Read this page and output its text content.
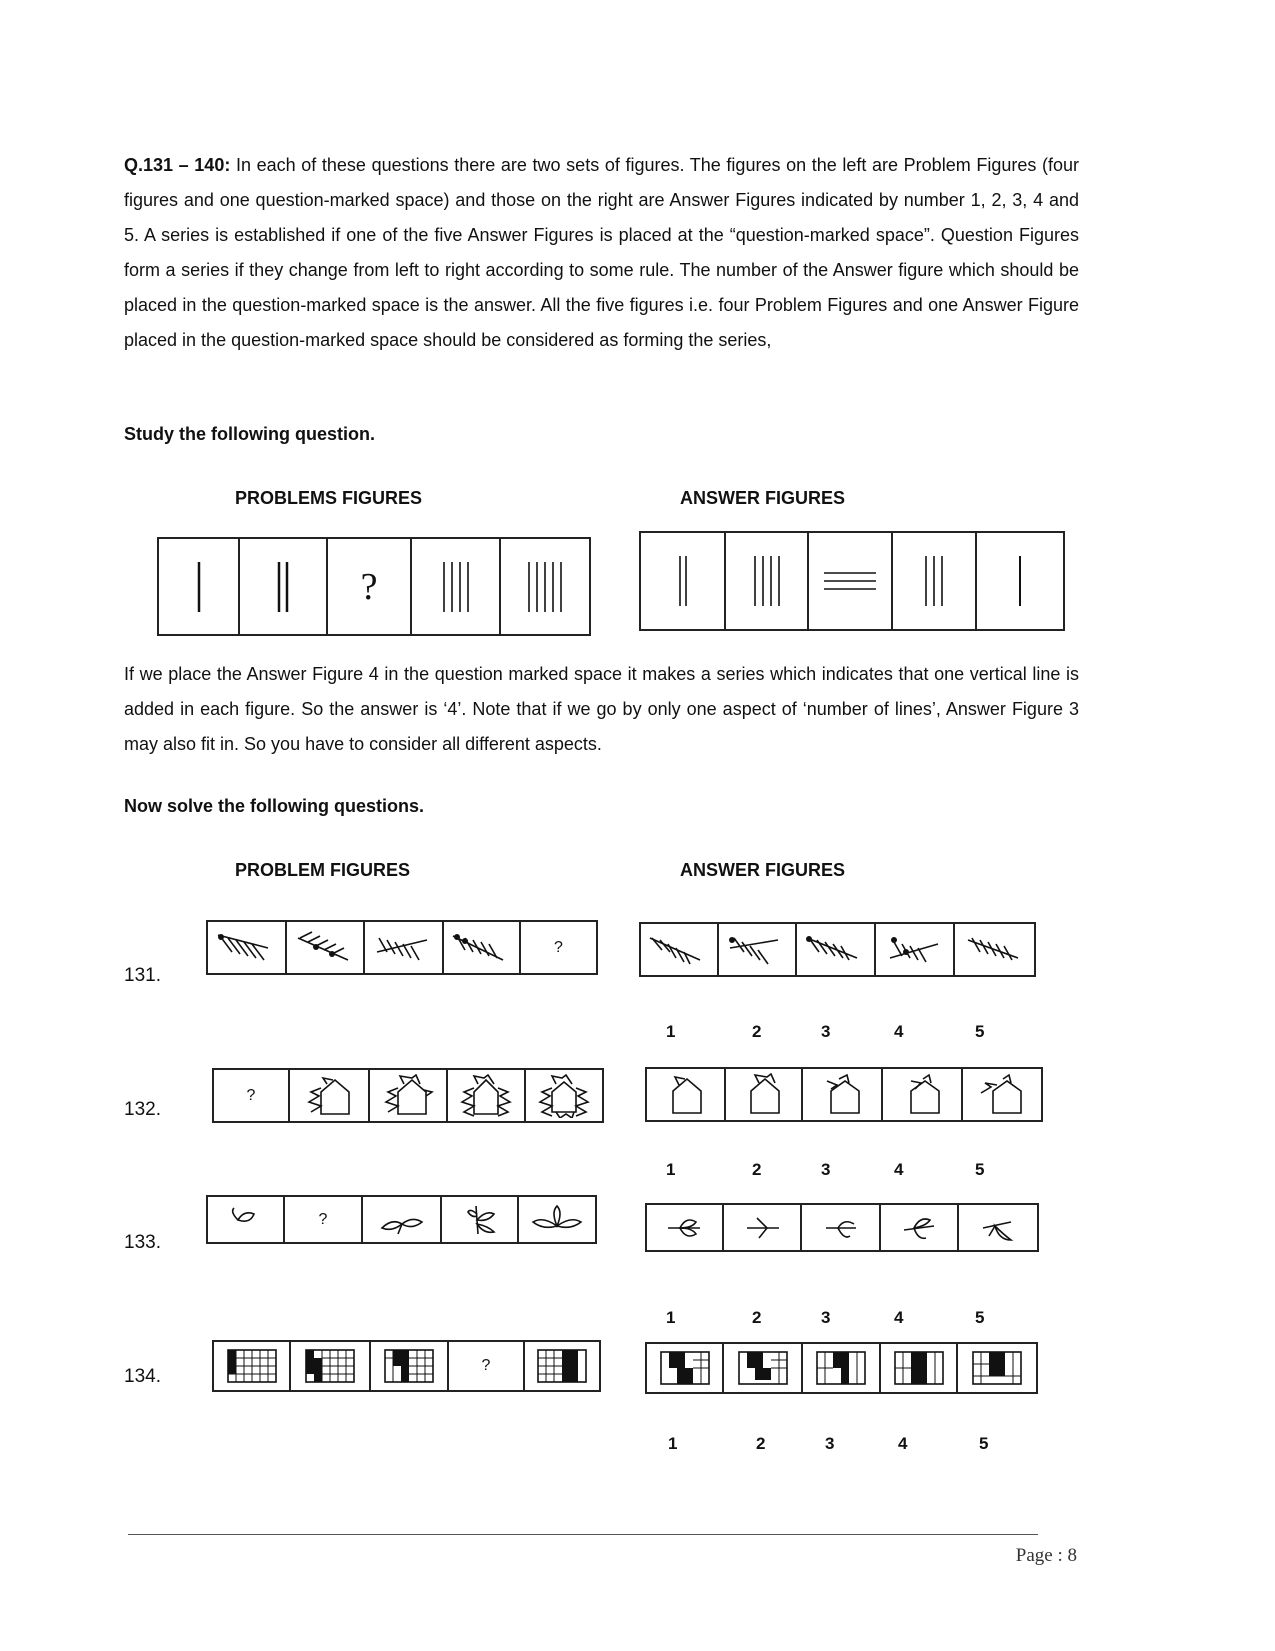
Q.131 – 140: In each of these questions there are two sets of figures. The figures on the left are Problem Figures (four figures and one question-marked space) and those on the right are Answer Figures indicated by number 1, 2, 3, 4 and 5. A series is established if one of the five Answer Figures is placed at the “question-marked space”. Question Figures form a series if they change from left to right according to some rule. The number of the Answer figure which should be placed in the question-marked space is the answer. All the five figures i.e. four Problem Figures and one Answer Figure placed in the question-marked space should be considered as forming the series,

Study the following question.

PROBLEMS FIGURES	ANSWER FIGURES

?

If we place the Answer Figure 4 in the question marked space it makes a series which indicates that one vertical line is added in each figure. So the answer is ‘4’. Note that if we go by only one aspect of ‘number of lines’, Answer Figure 3 may also fit in. So you have to consider all different aspects.

Now solve the following questions.

PROBLEM FIGURES	ANSWER FIGURES

131.
?
1	2	3	4	5
132.
?
1	2	3	4	5
133.
?
1	2	3	4	5
134.
?
1	2	3	4	5
Page : 8
